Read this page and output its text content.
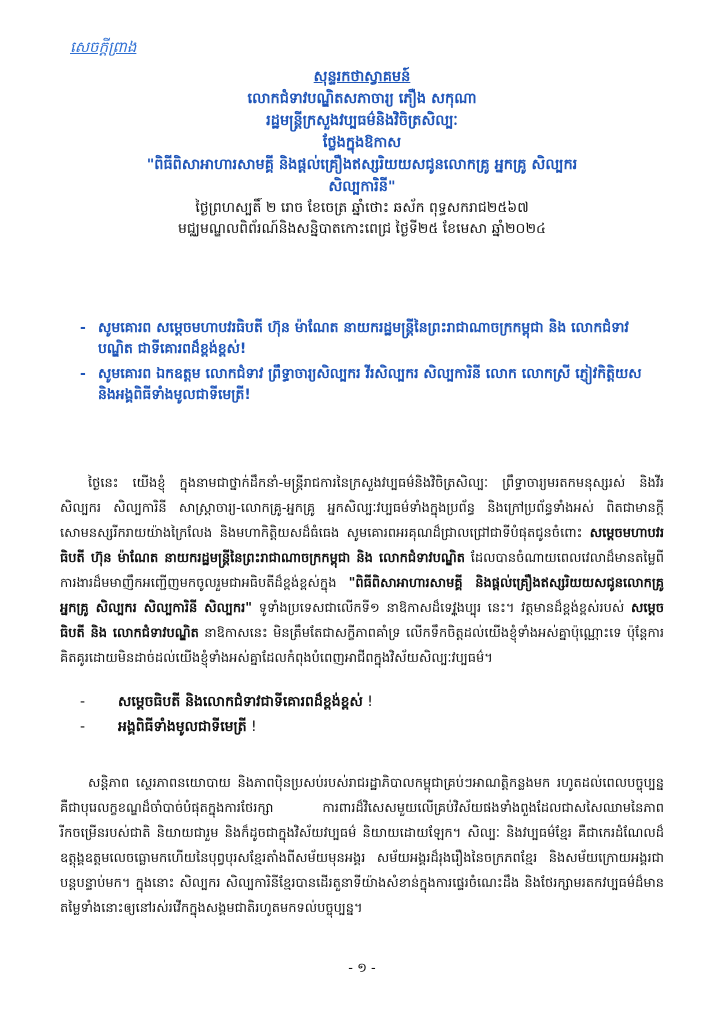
សេចក្តីព្រាង
សុន្ទរកថាស្វាគមន៍
លោកជំទាវបណ្ឌិតសភាចារ្យ ភឿង សកុណា
រដ្ឋមន្ត្រីក្រសួងវប្បធម៌និងវិចិត្រសិល្បៈ
ថ្លែងក្នុងឱកាស
"ពិធីពិសាអាហារសាមគ្គី និងផ្តល់គ្រឿងឥស្សរិយយសជូនលោកគ្រូ អ្នកគ្រូ សិល្បករ
សិល្បការិនី"
ថ្ងៃព្រហស្បតិ៍ ២ រោច ខែចេត្រ ឆ្នាំថោះ ឆស័ក ពុទ្ធសករាជ២៥៦៧
មជ្ឈមណ្ឌលពិព័រណ៍និងសន្និបាតកោះពេជ្រ ថ្ងៃទី២៥ ខែមេសា ឆ្នាំ២០២៤
- សូមគោរព សម្តេចមហាបវរធិបតី ហ៊ុន ម៉ាណែត នាយករដ្ឋមន្ត្រីនៃព្រះរាជាណាចក្រកម្ពុជា និង លោកជំទាវបណ្ឌិត ជាទីគោរពដ៏ខ្ពង់ខ្ពស់!
- សូមគោរព ឯកឧត្តម លោកជំទាវ ព្រឹទ្ធាចារ្យសិល្បករ វីរសិល្បករ សិល្បការិនី លោក លោកស្រី ភ្ញៀវកិត្តិយស និងអង្គពិធីទាំងមូលជាទីមេត្រី!

ថ្ងៃនេះ យើងខ្ញុំ ក្នុងនាមជាថ្នាក់ដឹកនាំ-មន្ត្រីរាជការនៃក្រសួងវប្បធម៌និងវិចិត្រសិល្បៈ ព្រឹទ្ធាចារ្យមរតកមនុស្សរស់ និងវីរសិល្បករ សិល្បការិនី សាស្ត្រាចារ្យ-លោកគ្រូ-អ្នកគ្រូ អ្នកសិល្បៈវប្បធម៌ទាំងក្នុងប្រព័ន្ធ និងក្រៅប្រព័ន្ធទាំងអស់ ពិតជាមានក្តីសោមនស្សរីករាយយ៉ាងក្រៃលែង និងមហាកិត្តិយសដ៏ធំធេង សូមគោរពអរគុណដ៏ជ្រាលជ្រៅជាទីបំផុតជូនចំពោះ សម្តេចមហាបវរធិបតី ហ៊ុន ម៉ាណែត នាយករដ្ឋមន្ត្រីនៃព្រះរាជាណាចក្រកម្ពុជា និង លោកជំទាវបណ្ឌិត ដែលបានចំណាយពេលវេលាដ៏មានតម្លៃពីការងារដ៏មមាញឹកអញ្ជើញមកចូលរួមជាអធិបតីដ៏ខ្ពង់ខ្ពស់ក្នុង "ពិធីពិសាអាហារសាមគ្គី និងផ្តល់គ្រឿងឥស្សរិយយសជូនលោកគ្រូ អ្នកគ្រូ សិល្បករ សិល្បការិនី សិល្បករ" ទូទាំងប្រទេសជាលើកទី១ នាឱកាសដ៏ទេវ្តុងប្បុរ នេះ។ វត្តមានដ៏ខ្ពង់ខ្ពស់របស់ សម្តេចធិបតី និង លោកជំទាវបណ្ឌិត នាឱកាសនេះ មិនត្រឹមតែជាសក្ខីភាពគាំទ្រ លើកទឹកចិត្តដល់យើងខ្ញុំទាំងអស់គ្នាប៉ុណ្ណោះទេ ប៉ុន្តែការគិតគូរដោយមិនដាច់ដល់យើងខ្ញុំទាំងអស់គ្នាដែលកំពុងបំពេញអាជីពក្នុងវិស័យសិល្បៈវប្បធម៌។

- សម្តេចធិបតី និងលោកជំទាវជាទីគោរពដ៏ខ្ពង់ខ្ពស់ !
- អង្គពិធីទាំងមូលជាទីមេត្រី !

សន្តិភាព ស្ថេរភាពនយោបាយ និងភាពប៉ិនប្រសប់របស់រាជរដ្ឋាភិបាលកម្ពុជាគ្រប់ៗអាណត្តិកន្លងមក រហូតដល់ពេលបច្ចុប្បន្ន គឺជាបុរេលក្ខខណ្ឌដ៏ចាំបាច់បំផុតក្នុងការថែរក្សា ការពារដ៏វិសេសមួយលើគ្រប់វិស័យផងទាំងពួងដែលជាសសៃឈាមនៃភាពរីកចម្រើនរបស់ជាតិ និយាយជារួម និងក៏ដូចជាក្នុងវិស័យវប្បធម៌ និយាយដោយឡែក។ សិល្បៈ និងវប្បធម៌ខ្មែរ គឺជាកេរដំណែលដ៏ឧត្តុង្គឧត្តមលេចធ្លោមកហើយនៃបុព្វបុរសខ្មែរតាំងពីសម័យមុនអង្គរ សម័យអង្គរដ៏រុងរឿងនៃចក្រភពខ្មែរ និងសម័យក្រោយអង្គរជាបន្តបន្ទាប់មក។ ក្នុងនោះ សិល្បករ សិល្បការិនីខ្មែរបានដើរតួនាទីយ៉ាងសំខាន់ក្នុងការផ្ទេរចំណេះដឹង និងថែរក្សាមរតកវប្បធម៌ដ៏មានតម្លៃទាំងនោះឲ្យនៅរស់រវើកក្នុងសង្គមជាតិរហូតមកទល់បច្ចុប្បន្ន។

- ១ -
